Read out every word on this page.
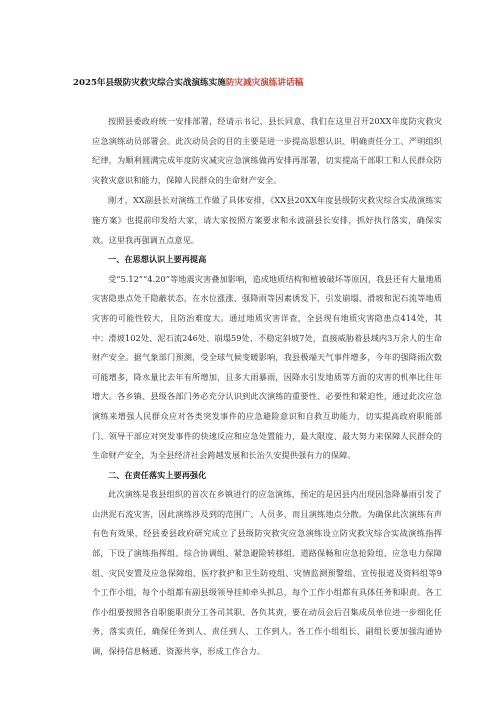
2025年县级防灾救灾综合实战演练实施防灾减灾演练讲话稿

按照县委政府统一安排部署，经请示书记、县长同意，我们在这里召开20XX年度防灾救灾应急演练动员部署会。此次动员会的目的主要是进一步提高思想认识、明确责任分工、严明组织纪律，为顺利圆满完成年度防灾减灾应急演练做再安排再部署，切实提高干部职工和人民群众防灾救灾意识和能力，保障人民群众的生命财产安全。

刚才，XX副县长对演练工作做了具体安排，《XX县20XX年度县级防灾救灾综合实战演练实施方案》也提前印发给大家，请大家按照方案要求和永波副县长安排，抓好执行落实，确保实效。这里我再强调五点意见。

一、在思想认识上要再提高

受“5.12”“4.20”等地震灾害叠加影响，造成地质结构和植被破坏等原因，我县还有大量地质灾害隐患点处于隐蔽状态，在水位涨涨、强降雨等因素诱发下，引发崩塌、滑坡和泥石流等地质灾害的可能性较大，且防治难度大。通过地质灾害详查，全县现有地质灾害隐患点414处，其中：滑坡102处、泥石流246处、崩塌59处、不稳定斜坡7处，直接威胁着县域内3万余人的生命财产安全。据气象部门预测，受全球气候变暖影响，我县极端天气事件增多，今年的强降雨次数可能增多，降水量比去年有所增加，且多大雨暴雨，因降水引发地质等方面的灾害的机率比往年增大。各乡镇、县级各部门务必充分认识到此次演练的重要性、必要性和紧迫性，通过此次应急演练来增强人民群众应对各类突发事件的应急避险意识和自救互助能力，切实提高政府职能部门、领导干部应对突发事件的快速反应和应急处置能力，最大限度、最大努力来保障人民群众的生命财产安全，为全县经济社会跨越发展和长治久安提供强有力的保障。

二、在责任落实上要再强化

此次演练是我县组织的首次在乡镇进行的应急演练，预定的是因县内出现因急降暴雨引发了山洪泥石流灾害，因此演练涉及到的范围广、人员多，而且演练地点分散。为确保此次演练有声有色有效果，经县委县政府研究成立了县级防灾救灾应急演练设立防灾救灾综合实战演练指挥部，下设了演练指挥组、综合协调组、紧急避险转移组、道路保畅和应急抢险组、应急电力保障组、灾民安置及应急保障组、医疗救护和卫生防疫组、灾情监测预警组、宣传报道及资料组等9个工作小组，每个小组都有副县级领导挂帅牵头抓总，每个工作小组都有具体任务和职责。各工作小组要按照各自职能职责分工各司其职、各负其责，要在动员会后召集成员单位进一步细化任务，落实责任，确保任务到人、责任到人、工作到人。各工作小组组长、副组长要加强沟通协调，保持信息畅通、资源共享，形成工作合力。
